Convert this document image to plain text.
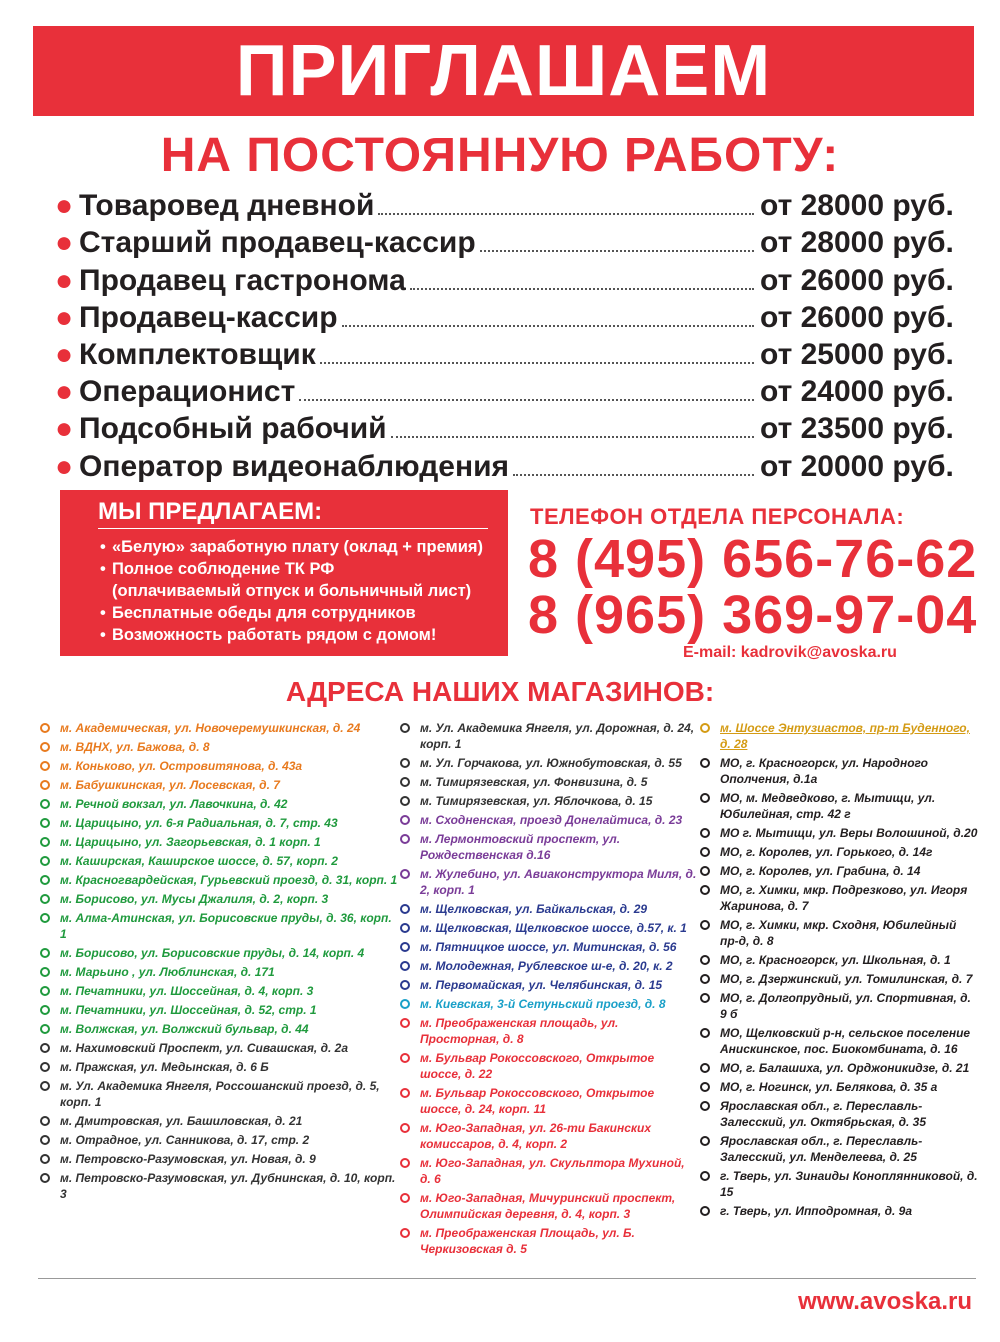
ПРИГЛАШАЕМ
НА ПОСТОЯННУЮ РАБОТУ:
● Товаровед дневной	от 28000 руб.
● Старший продавец-кассир	от 28000 руб.
● Продавец гастронома	от 26000 руб.
● Продавец-кассир	от 26000 руб.
● Комплектовщик	от 25000 руб.
● Операционист	от 24000 руб.
● Подсобный рабочий	от 23500 руб.
● Оператор видеонаблюдения	от 20000 руб.
МЫ ПРЕДЛАГАЕМ:
• «Белую» заработную плату (оклад + премия)
• Полное соблюдение ТК РФ
(оплачиваемый отпуск и больничный лист)
• Бесплатные обеды для сотрудников
• Возможность работать рядом с домом!
ТЕЛЕФОН ОТДЕЛА ПЕРСОНАЛА:
8 (495) 656-76-62
8 (965) 369-97-04
E-mail: kadrovik@avoska.ru
АДРЕСА НАШИХ МАГАЗИНОВ:
м. Академическая, ул. Новочеремушкинская, д. 24
м. ВДНХ, ул. Бажова, д. 8
м. Коньково, ул. Островитянова, д. 43а
м. Бабушкинская, ул. Лосевская, д. 7
м. Речной вокзал, ул. Лавочкина, д. 42
м. Царицыно, ул. 6-я Радиальная, д. 7, стр. 43
м. Царицыно, ул. Загорьевская, д. 1 корп. 1
м. Каширская, Каширское шоссе, д. 57, корп. 2
м. Красногвардейская, Гурьевский проезд, д. 31, корп. 1
м. Борисово, ул. Мусы Джалиля, д. 2, корп. 3
м. Алма-Атинская, ул. Борисовские пруды, д. 36, корп. 1
м. Борисово, ул. Борисовские пруды, д. 14, корп. 4
м. Марьино , ул. Люблинская, д. 171
м. Печатники, ул. Шоссейная, д. 4, корп. 3
м. Печатники, ул. Шоссейная, д. 52, стр. 1
м. Волжская, ул. Волжский бульвар, д. 44
м. Нахимовский Проспект, ул. Сивашская, д. 2а
м. Пражская, ул. Медынская, д. 6 Б
м. Ул. Академика Янгеля, Россошанский проезд, д. 5, корп. 1
м. Дмитровская, ул. Башиловская, д. 21
м. Отрадное, ул. Санникова, д. 17, стр. 2
м. Петровско-Разумовская, ул. Новая, д. 9
м. Петровско-Разумовская, ул. Дубнинская, д. 10, корп. 3
м. Ул. Академика Янгеля, ул. Дорожная, д. 24, корп. 1
м. Ул. Горчакова, ул. Южнобутовская, д. 55
м. Тимирязевская, ул. Фонвизина, д. 5
м. Тимирязевская, ул. Яблочкова, д. 15
м. Сходненская, проезд Донелайтиса, д. 23
м. Лермонтовский проспект, ул. Рождественская д.16
м. Жулебино, ул. Авиаконструктора Миля, д. 2, корп. 1
м. Щелковская, ул. Байкальская, д. 29
м. Щелковская, Щелковское шоссе, д.57, к. 1
м. Пятницкое шоссе, ул. Митинская, д. 56
м. Молодежная, Рублевское ш-е, д. 20, к. 2
м. Первомайская, ул. Челябинская, д. 15
м. Киевская, 3-й Сетуньский проезд, д. 8
м. Преображенская площадь, ул. Просторная, д. 8
м. Бульвар Рокоссовского, Открытое шоссе, д. 22
м. Бульвар Рокоссовского, Открытое шоссе, д. 24, корп. 11
м. Юго-Западная, ул. 26-ти Бакинских комиссаров, д. 4, корп. 2
м. Юго-Западная, ул. Скульптора Мухиной, д. 6
м. Юго-Западная, Мичуринский проспект, Олимпийская деревня, д. 4, корп. 3
м. Преображенская Площадь, ул. Б. Черкизовская д. 5
м. Шоссе Энтузиастов, пр-т Буденного, д. 28
МО, г. Красногорск, ул. Народного Ополчения, д.1а
МО, м. Медведково, г. Мытищи, ул. Юбилейная, стр. 42 г
МО г. Мытищи, ул. Веры Волошиной, д.20
МО, г. Королев, ул. Горького, д. 14г
МО, г. Королев, ул. Грабина, д. 14
МО, г. Химки, мкр. Подрезково, ул. Игоря Жаринова, д. 7
МО, г. Химки, мкр. Сходня, Юбилейный пр-д, д. 8
МО, г. Красногорск, ул. Школьная, д. 1
МО, г. Дзержинский, ул. Томилинская, д. 7
МО, г. Долгопрудный, ул. Спортивная, д. 9 б
МО, Щелковский р-н, сельское поселение Анискинское, пос. Биокомбината, д. 16
МО, г. Балашиха, ул. Орджоникидзе, д. 21
МО, г. Ногинск, ул. Белякова, д. 35 а
Ярославская обл., г. Переславль-Залесский, ул. Октябрьская, д. 35
Ярославская обл., г. Переславль-Залесский, ул. Менделеева, д. 25
г. Тверь, ул. Зинаиды Коноплянниковой, д. 15
г. Тверь, ул. Ипподромная, д. 9а
www.avoska.ru
